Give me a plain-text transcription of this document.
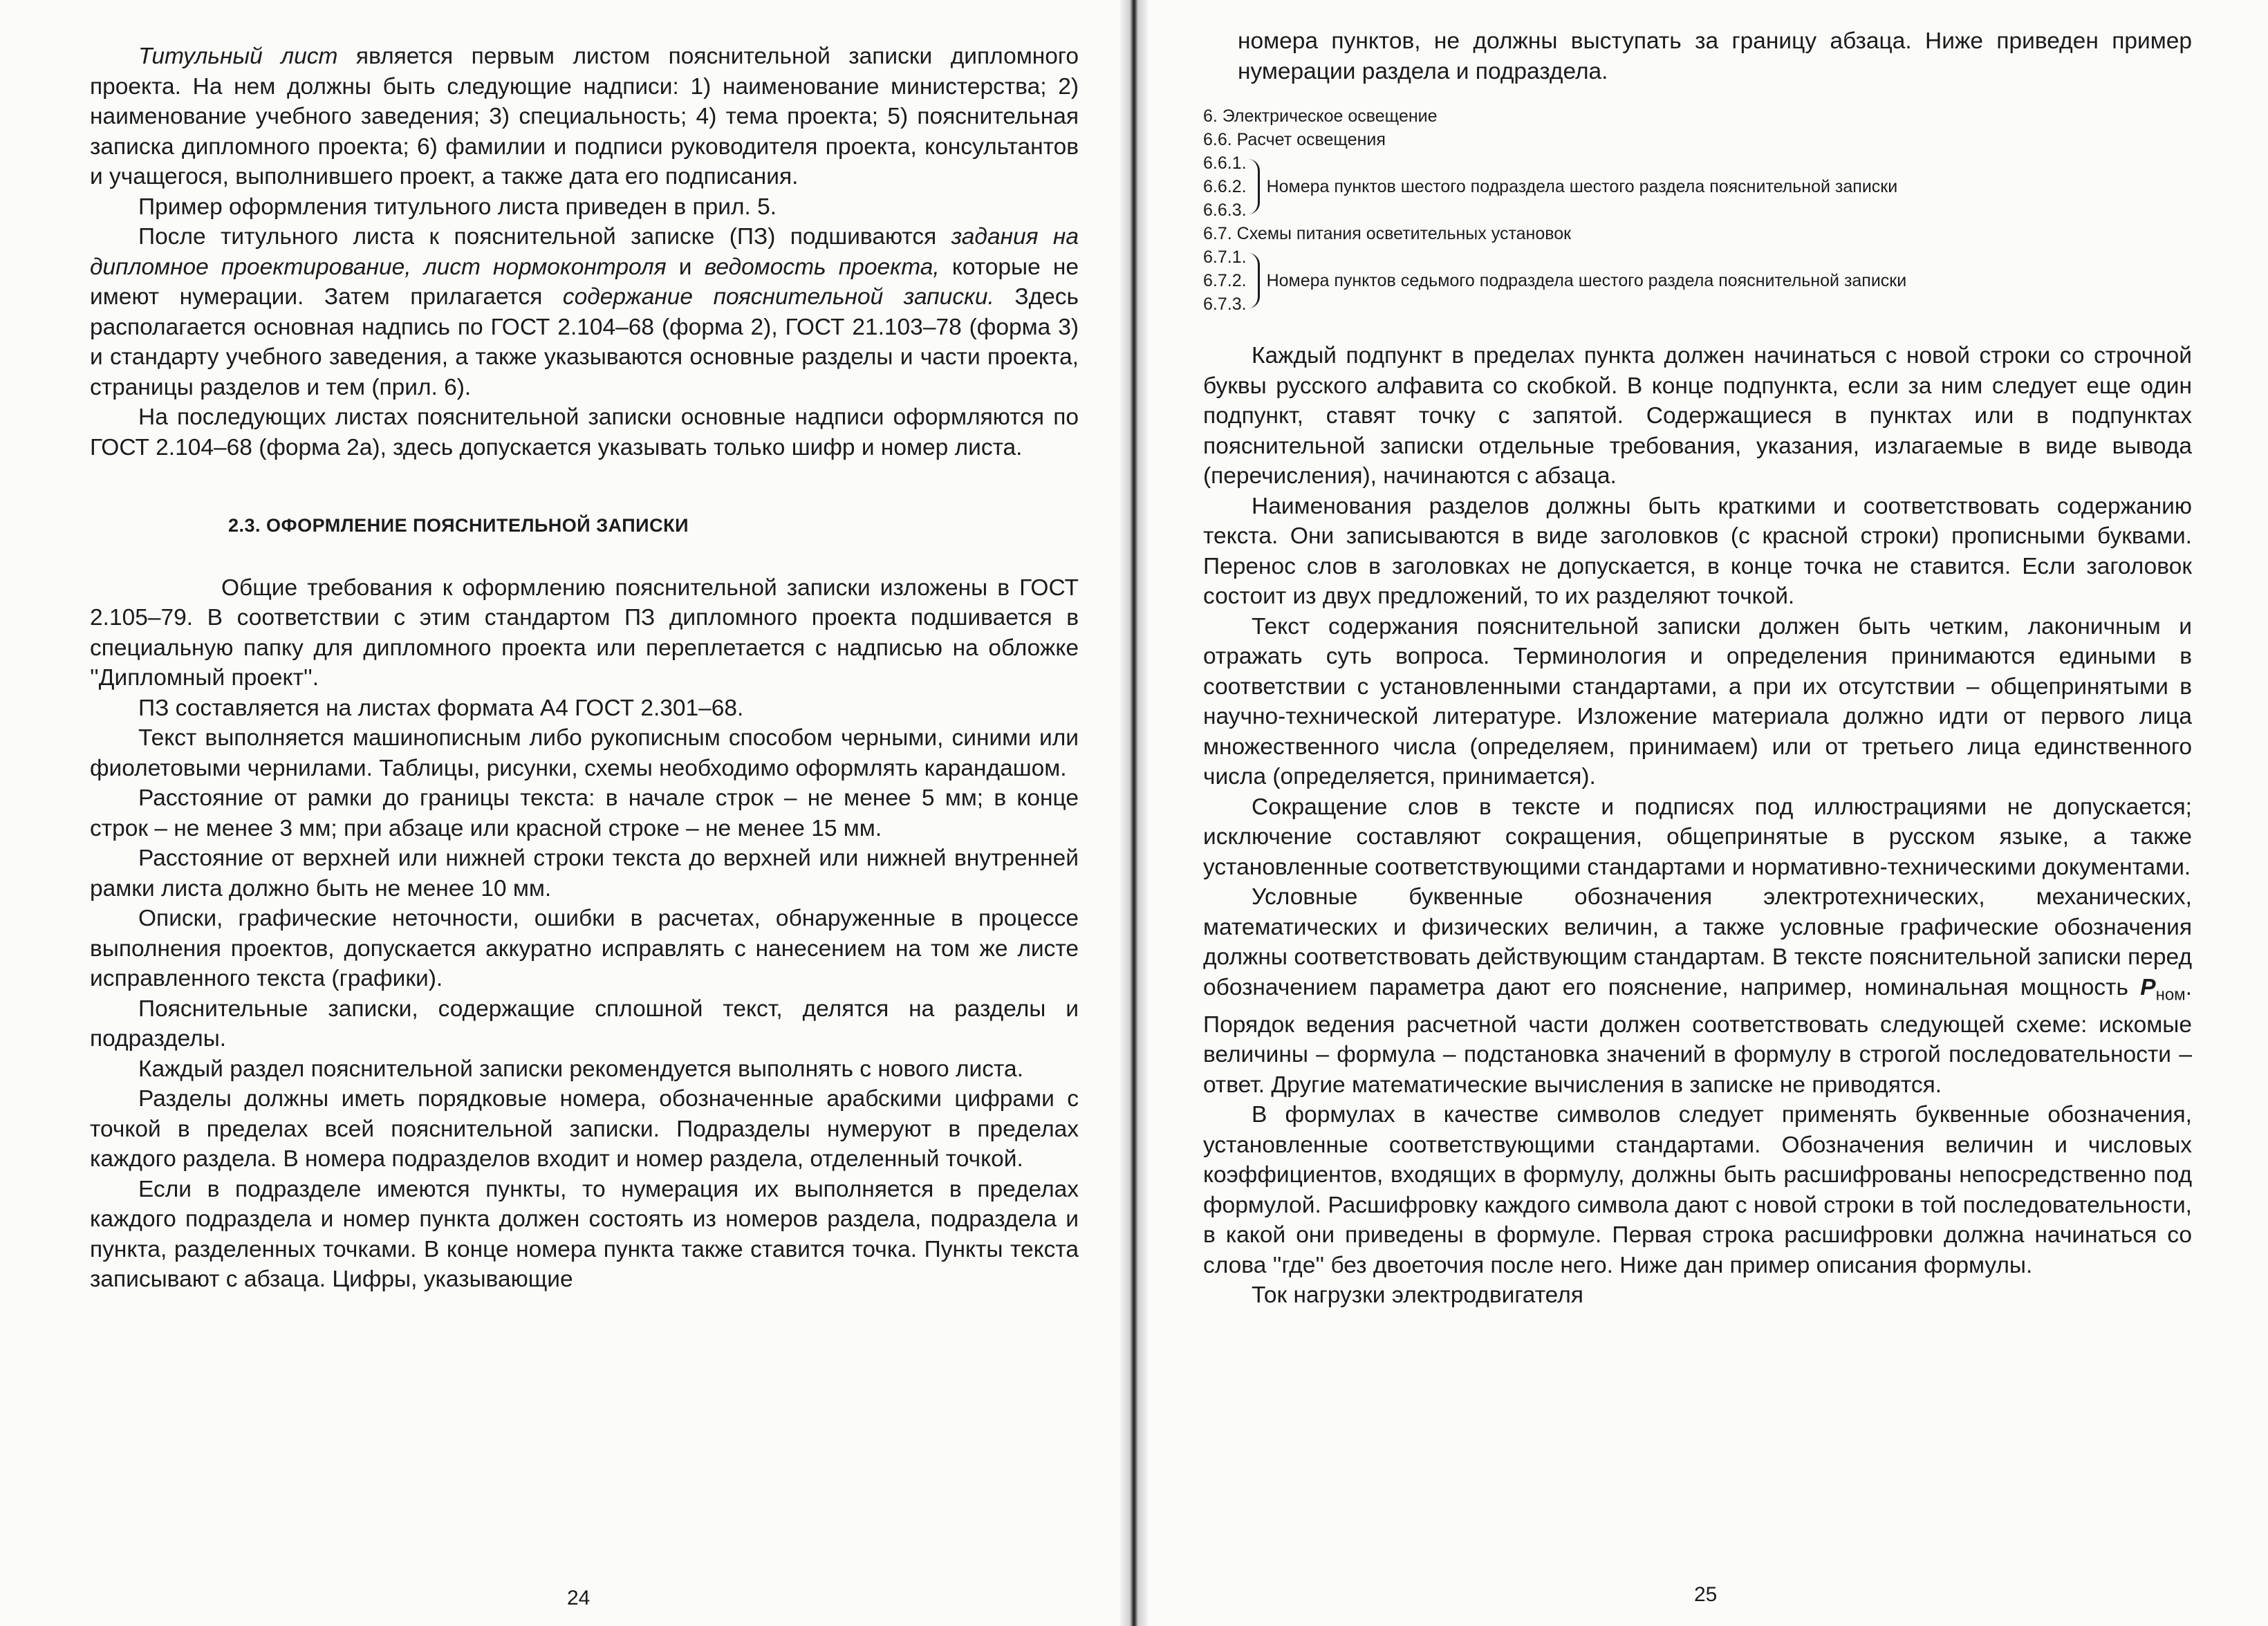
Титульный лист является первым листом пояснительной записки дипломного проекта. На нем должны быть следующие надписи: 1) наименование министерства; 2) наименование учебного заведения; 3) специальность; 4) тема проекта; 5) пояснительная записка дипломного проекта; 6) фамилии и подписи руководителя проекта, консультантов и учащегося, выполнившего проект, а также дата его подписания.

Пример оформления титульного листа приведен в прил. 5.

После титульного листа к пояснительной записке (ПЗ) подшиваются задания на дипломное проектирование, лист нормоконтроля и ведомость проекта, которые не имеют нумерации. Затем прилагается содержание пояснительной записки. Здесь располагается основная надпись по ГОСТ 2.104–68 (форма 2), ГОСТ 21.103–78 (форма 3) и стандарту учебного заведения, а также указываются основные разделы и части проекта, страницы разделов и тем (прил. 6).

На последующих листах пояснительной записки основные надписи оформляются по ГОСТ 2.104–68 (форма 2а), здесь допускается указывать только шифр и номер листа.

2.3. ОФОРМЛЕНИЕ ПОЯСНИТЕЛЬНОЙ ЗАПИСКИ

Общие требования к оформлению пояснительной записки изложены в ГОСТ 2.105–79. В соответствии с этим стандартом ПЗ дипломного проекта подшивается в специальную папку для дипломного проекта или переплетается с надписью на обложке ''Дипломный проект''.

ПЗ составляется на листах формата А4 ГОСТ 2.301–68.

Текст выполняется машинописным либо рукописным способом черными, синими или фиолетовыми чернилами. Таблицы, рисунки, схемы необходимо оформлять карандашом.

Расстояние от рамки до границы текста: в начале строк – не менее 5 мм; в конце строк – не менее 3 мм; при абзаце или красной строке – не менее 15 мм.

Расстояние от верхней или нижней строки текста до верхней или нижней внутренней рамки листа должно быть не менее 10 мм.

Описки, графические неточности, ошибки в расчетах, обнаруженные в процессе выполнения проектов, допускается аккуратно исправлять с нанесением на том же листе исправленного текста (графики).

Пояснительные записки, содержащие сплошной текст, делятся на разделы и подразделы.

Каждый раздел пояснительной записки рекомендуется выполнять с нового листа.

Разделы должны иметь порядковые номера, обозначенные арабскими цифрами с точкой в пределах всей пояснительной записки. Подразделы нумеруют в пределах каждого раздела. В номера подразделов входит и номер раздела, отделенный точкой.

Если в подразделе имеются пункты, то нумерация их выполняется в пределах каждого подраздела и номер пункта должен состоять из номеров раздела, подраздела и пункта, разделенных точками. В конце номера пункта также ставится точка. Пункты текста записывают с абзаца. Цифры, указывающие

24

номера пунктов, не должны выступать за границу абзаца. Ниже приведен пример нумерации раздела и подраздела.

6. Электрическое освещение
6.6. Расчет освещения
6.6.1.
6.6.2.
6.6.3.
Номера пунктов шестого подраздела шестого раздела пояснительной записки
6.7. Схемы питания осветительных установок
6.7.1.
6.7.2.
6.7.3.
Номера пунктов седьмого подраздела шестого раздела пояснительной записки

Каждый подпункт в пределах пункта должен начинаться с новой строки со строчной буквы русского алфавита со скобкой. В конце подпункта, если за ним следует еще один подпункт, ставят точку с запятой. Содержащиеся в пунктах или в подпунктах пояснительной записки отдельные требования, указания, излагаемые в виде вывода (перечисления), начинаются с абзаца.

Наименования разделов должны быть краткими и соответствовать содержанию текста. Они записываются в виде заголовков (с красной строки) прописными буквами. Перенос слов в заголовках не допускается, в конце точка не ставится. Если заголовок состоит из двух предложений, то их разделяют точкой.

Текст содержания пояснительной записки должен быть четким, лаконичным и отражать суть вопроса. Терминология и определения принимаются едиными в соответствии с установленными стандартами, а при их отсутствии – общепринятыми в научно-технической литературе. Изложение материала должно идти от первого лица множественного числа (определяем, принимаем) или от третьего лица единственного числа (определяется, принимается).

Сокращение слов в тексте и подписях под иллюстрациями не допускается; исключение составляют сокращения, общепринятые в русском языке, а также установленные соответствующими стандартами и нормативно-техническими документами.

Условные буквенные обозначения электротехнических, механических, математических и физических величин, а также условные графические обозначения должны соответствовать действующим стандартам. В тексте пояснительной записки перед обозначением параметра дают его пояснение, например, номинальная мощность $P_{ном}$. Порядок ведения расчетной части должен соответствовать следующей схеме: искомые величины – формула – подстановка значений в формулу в строгой последовательности – ответ. Другие математические вычисления в записке не приводятся.

В формулах в качестве символов следует применять буквенные обозначения, установленные соответствующими стандартами. Обозначения величин и числовых коэффициентов, входящих в формулу, должны быть расшифрованы непосредственно под формулой. Расшифровку каждого символа дают с новой строки в той последовательности, в какой они приведены в формуле. Первая строка расшифровки должна начинаться со слова ''где'' без двоеточия после него. Ниже дан пример описания формулы.

Ток нагрузки электродвигателя

25
